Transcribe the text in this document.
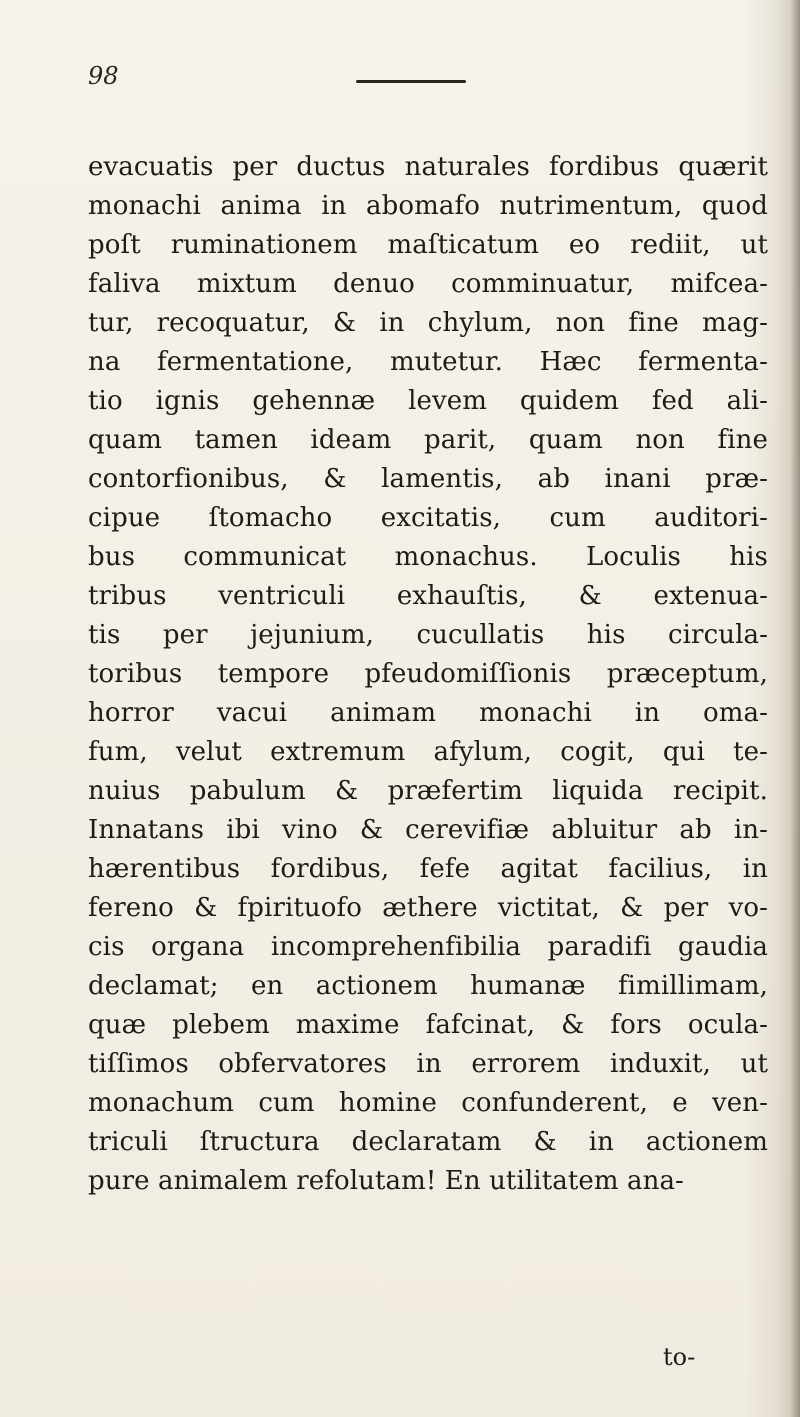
98
evacuatis per ductus naturales fordibus quærit
monachi anima in abomafo nutrimentum, quod
poſt ruminationem maſticatum eo rediit, ut
faliva mixtum denuo comminuatur, mifcea-
tur, recoquatur, & in chylum, non fine mag-
na fermentatione, mutetur. Hæc fermenta-
tio ignis gehennæ levem quidem fed ali-
quam tamen ideam parit, quam non fine
contorfionibus, & lamentis, ab inani præ-
cipue ſtomacho excitatis, cum auditori-
bus communicat monachus. Loculis his
tribus ventriculi exhauſtis, & extenua-
tis per jejunium, cucullatis his circula-
toribus tempore pfeudomiſſionis præceptum,
horror vacui animam monachi in oma-
fum, velut extremum afylum, cogit, qui te-
nuius pabulum & præfertim liquida recipit.
Innatans ibi vino & cerevifiæ abluitur ab in-
hærentibus fordibus, fefe agitat facilius, in
fereno & fpirituofo æthere victitat, & per vo-
cis organa incomprehenfibilia paradifi gaudia
declamat; en actionem humanæ fimillimam,
quæ plebem maxime fafcinat, & fors ocula-
tiſſimos obfervatores in errorem induxit, ut
monachum cum homine confunderent, e ven-
triculi ſtructura declaratam & in actionem
pure animalem refolutam! En utilitatem ana-
to-
